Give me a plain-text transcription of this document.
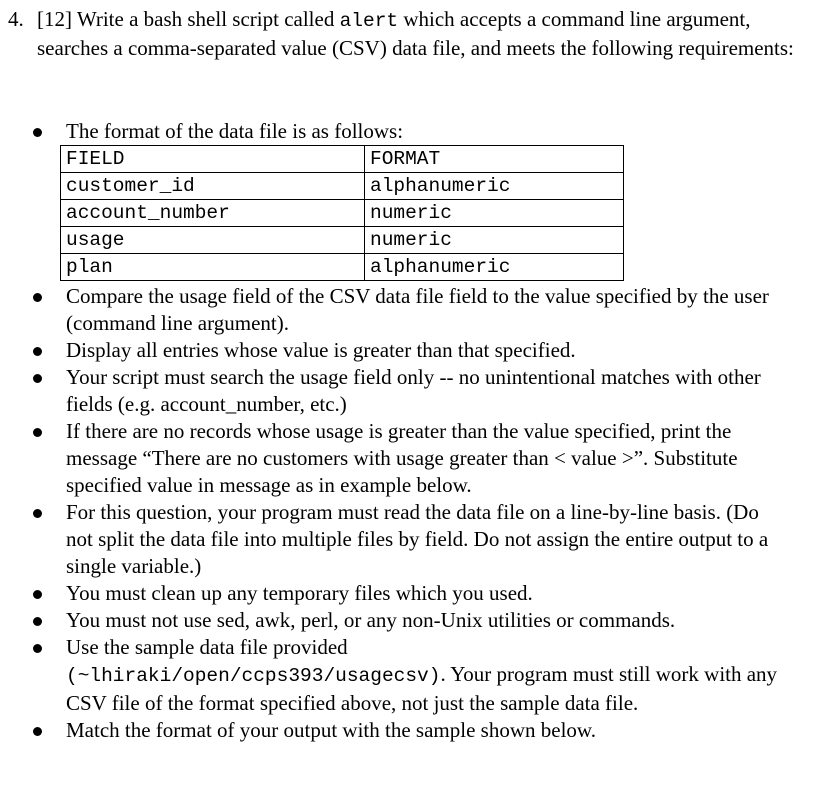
4. [12] Write a bash shell script called alert which accepts a command line argument, searches a comma-separated value (CSV) data file, and meets the following requirements:
The format of the data file is as follows:
FIELD	FORMAT
customer_id	alphanumeric
account_number	numeric
usage	numeric
plan	alphanumeric
Compare the usage field of the CSV data file field to the value specified by the user (command line argument).
Display all entries whose value is greater than that specified.
Your script must search the usage field only -- no unintentional matches with other fields (e.g. account_number, etc.)
If there are no records whose usage is greater than the value specified, print the message “There are no customers with usage greater than < value >”. Substitute specified value in message as in example below.
For this question, your program must read the data file on a line-by-line basis. (Do not split the data file into multiple files by field. Do not assign the entire output to a single variable.)
You must clean up any temporary files which you used.
You must not use sed, awk, perl, or any non-Unix utilities or commands.
Use the sample data file provided
(~lhiraki/open/ccps393/usagecsv). Your program must still work with any CSV file of the format specified above, not just the sample data file.
Match the format of your output with the sample shown below.
